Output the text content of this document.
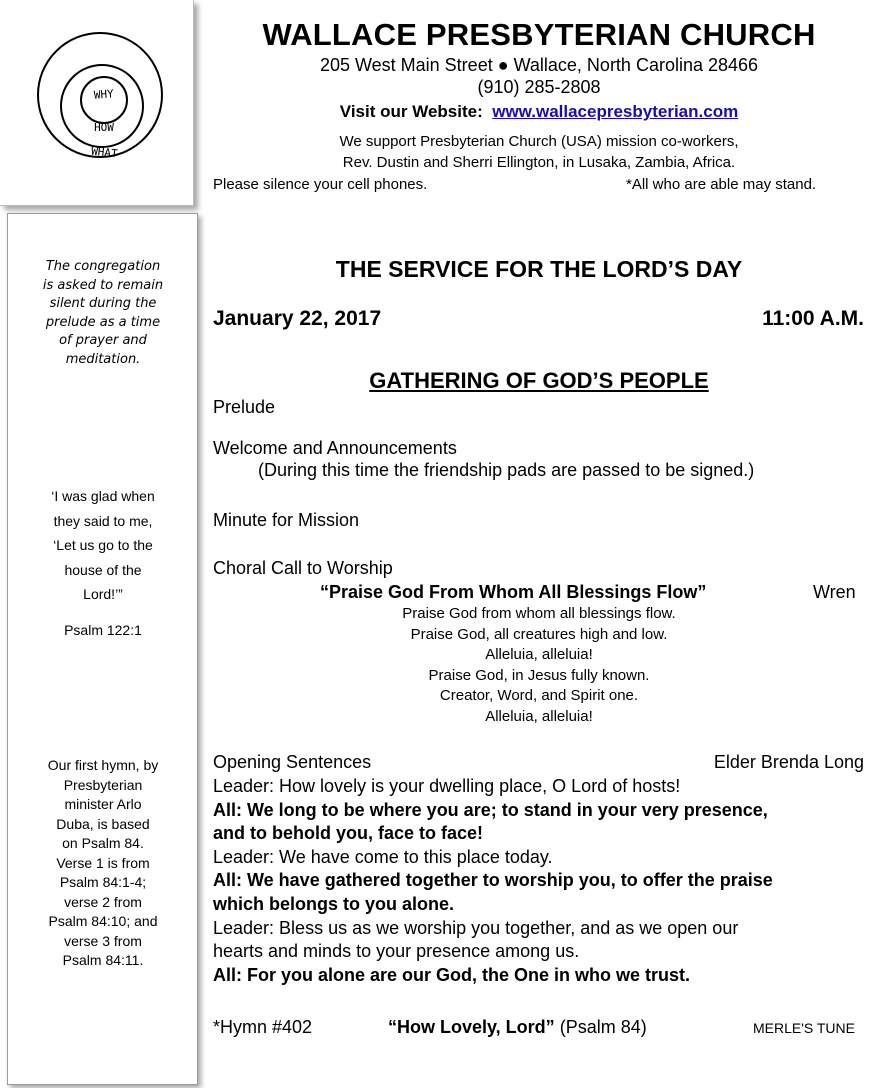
WHY
HOW
WHAT
The congregation
is asked to remain
silent during the
prelude as a time
of prayer and
meditation.
‘I was glad when
they said to me,
‘Let us go to the
house of the
Lord!’”
Psalm 122:1
Our first hymn, by
Presbyterian
minister Arlo
Duba, is based
on Psalm 84.
Verse 1 is from
Psalm 84:1-4;
verse 2 from
Psalm 84:10; and
verse 3 from
Psalm 84:11.
WALLACE PRESBYTERIAN CHURCH
205 West Main Street ● Wallace, North Carolina 28466
(910) 285-2808
Visit our Website: www.wallacepresbyterian.com
We support Presbyterian Church (USA) mission co-workers,
Rev. Dustin and Sherri Ellington, in Lusaka, Zambia, Africa.
Please silence your cell phones.	*All who are able may stand.
THE SERVICE FOR THE LORD’S DAY
January 22, 2017	11:00 A.M.
GATHERING OF GOD’S PEOPLE
Prelude
Welcome and Announcements
(During this time the friendship pads are passed to be signed.)
Minute for Mission
Choral Call to Worship
“Praise God From Whom All Blessings Flow”	Wren
Praise God from whom all blessings flow.
Praise God, all creatures high and low.
Alleluia, alleluia!
Praise God, in Jesus fully known.
Creator, Word, and Spirit one.
Alleluia, alleluia!
Opening Sentences	Elder Brenda Long
Leader: How lovely is your dwelling place, O Lord of hosts!
All: We long to be where you are; to stand in your very presence,
and to behold you, face to face!
Leader: We have come to this place today.
All: We have gathered together to worship you, to offer the praise
which belongs to you alone.
Leader: Bless us as we worship you together, and as we open our
hearts and minds to your presence among us.
All: For you alone are our God, the One in who we trust.
*Hymn #402	“How Lovely, Lord” (Psalm 84)	MERLE'S TUNE
